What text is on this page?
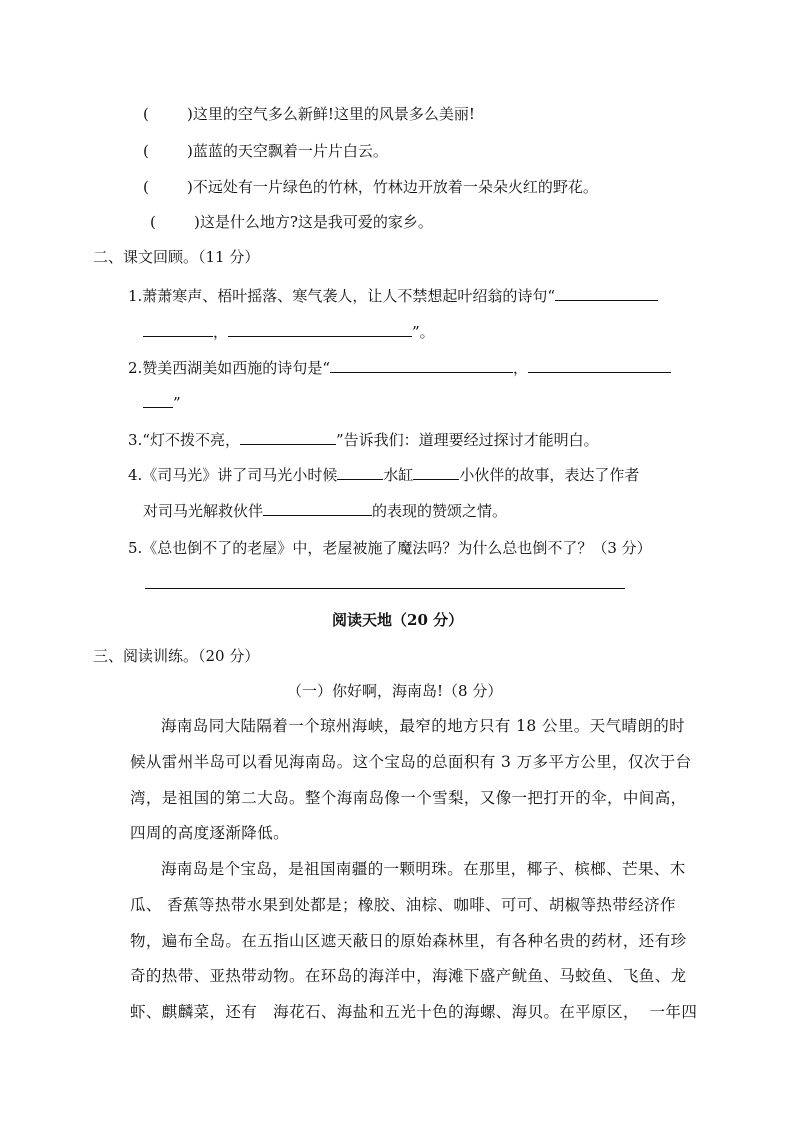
(        )这里的空气多么新鲜!这里的风景多么美丽!
(        )蓝蓝的天空飘着一片片白云。
(        )不远处有一片绿色的竹林，竹林边开放着一朵朵火红的野花。
(        )这是什么地方?这是我可爱的家乡。
二、课文回顾。（11 分）
1.萧萧寒声、梧叶摇落、寒气袭人，让人不禁想起叶绍翁的诗句“
，	”。
2.赞美西湖美如西施的诗句是“	，
”
3.“灯不拨不亮，	”告诉我们：道理要经过探讨才能明白。
4.《司马光》讲了司马光小时候	水缸	小伙伴的故事，表达了作者
对司马光解救伙伴	的表现的赞颂之情。
5.《总也倒不了的老屋》中，老屋被施了魔法吗？为什么总也倒不了？（3 分）
阅读天地（20 分）
三、阅读训练。（20 分）
（一）你好啊，海南岛!（8 分）
海南岛同大陆隔着一个琼州海峡，最窄的地方只有 18 公里。天气晴朗的时
候从雷州半岛可以看见海南岛。这个宝岛的总面积有 3 万多平方公里，仅次于台
湾，是祖国的第二大岛。整个海南岛像一个雪梨，又像一把打开的伞，中间高，
四周的高度逐渐降低。
海南岛是个宝岛，是祖国南疆的一颗明珠。在那里，椰子、槟榔、芒果、木
瓜、 香蕉等热带水果到处都是；橡胶、油棕、咖啡、可可、胡椒等热带经济作
物，遍布全岛。在五指山区遮天蔽日的原始森林里，有各种名贵的药材，还有珍
奇的热带、亚热带动物。在环岛的海洋中，海滩下盛产鱿鱼、马蛟鱼、飞鱼、龙
虾、麒麟菜，还有   海花石、海盐和五光十色的海螺、海贝。在平原区，  一年四
